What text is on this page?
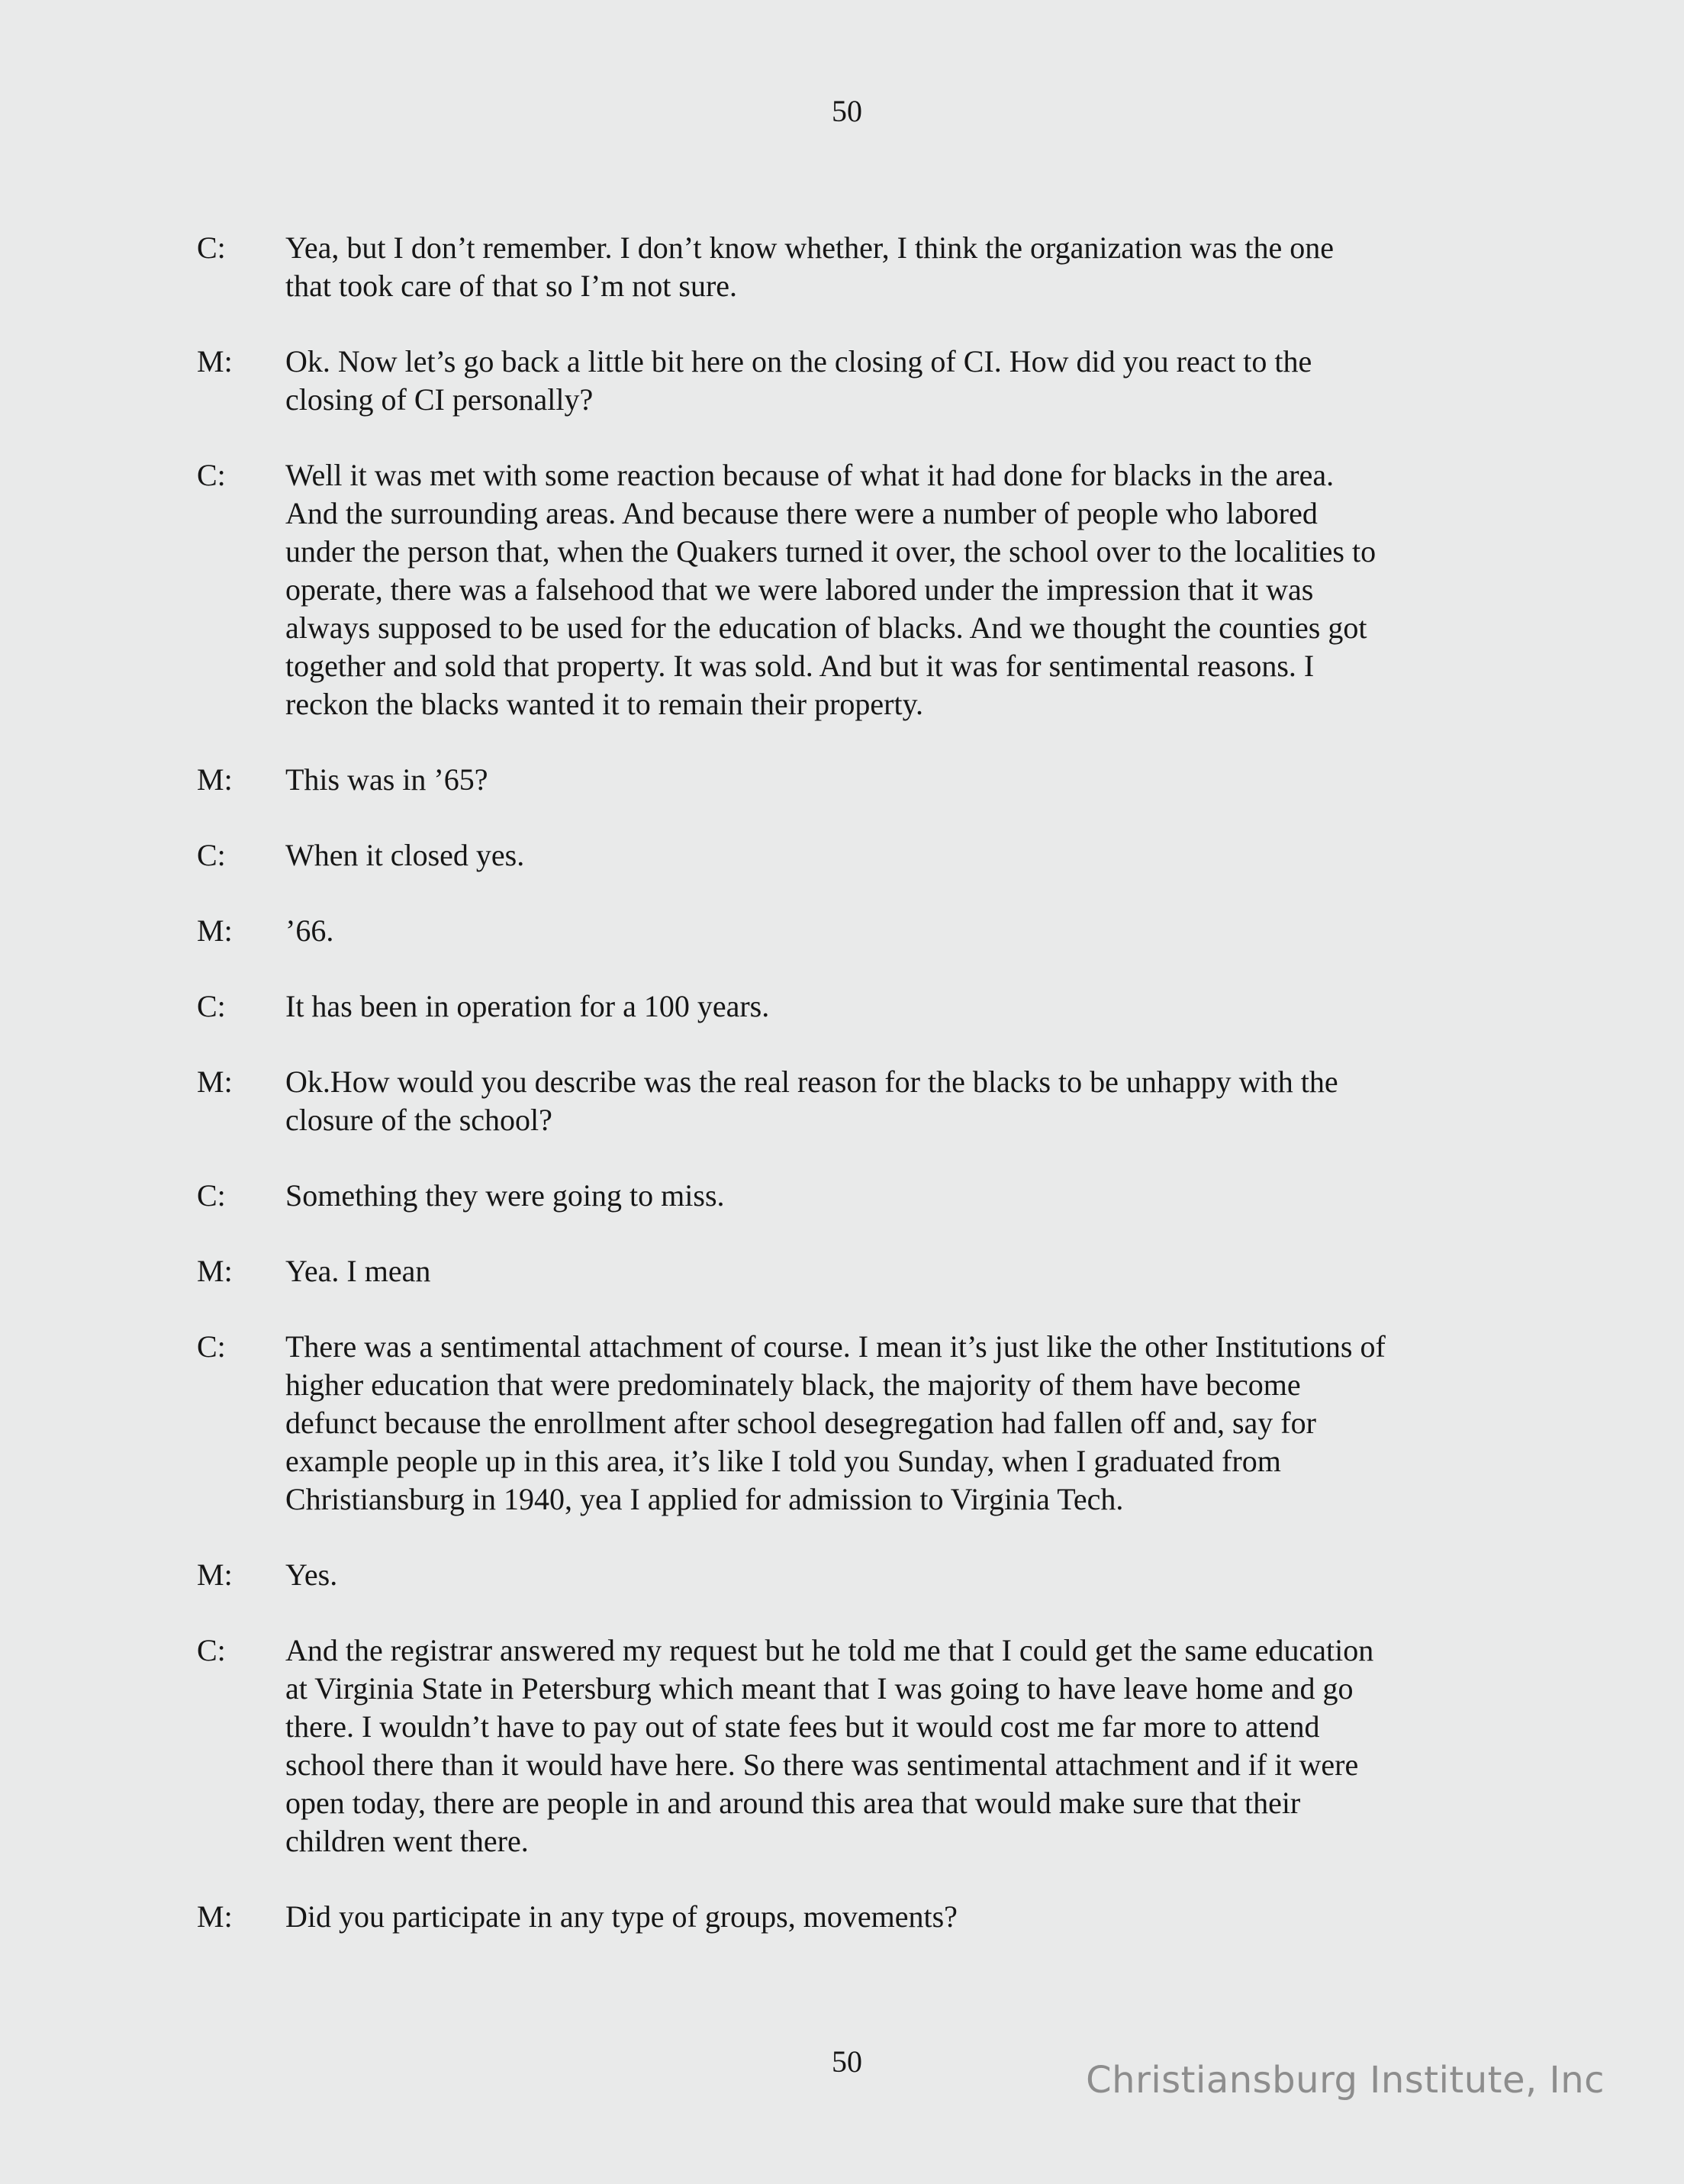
50
C:	Yea, but I don’t remember. I don’t know whether, I think the organization was the one
that took care of that so I’m not sure.
M:	Ok. Now let’s go back a little bit here on the closing of CI. How did you react to the
closing of CI personally?
C:	Well it was met with some reaction because of what it had done for blacks in the area.
And the surrounding areas. And because there were a number of people who labored
under the person that, when the Quakers turned it over, the school over to the localities to
operate, there was a falsehood that we were labored under the impression that it was
always supposed to be used for the education of blacks. And we thought the counties got
together and sold that property. It was sold. And but it was for sentimental reasons. I
reckon the blacks wanted it to remain their property.
M:	This was in ’65?
C:	When it closed yes.
M:	’66.
C:	It has been in operation for a 100 years.
M:	Ok.How would you describe was the real reason for the blacks to be unhappy with the
closure of the school?
C:	Something they were going to miss.
M:	Yea. I mean
C:	There was a sentimental attachment of course. I mean it’s just like the other Institutions of
higher education that were predominately black, the majority of them have become
defunct because the enrollment after school desegregation had fallen off and, say for
example people up in this area, it’s like I told you Sunday, when I graduated from
Christiansburg in 1940, yea I applied for admission to Virginia Tech.
M:	Yes.
C:	And the registrar answered my request but he told me that I could get the same education
at Virginia State in Petersburg which meant that I was going to have leave home and go
there. I wouldn’t have to pay out of state fees but it would cost me far more to attend
school there than it would have here. So there was sentimental attachment and if it were
open today, there are people in and around this area that would make sure that their
children went there.
M:	Did you participate in any type of groups, movements?
50	Christiansburg Institute, Inc
